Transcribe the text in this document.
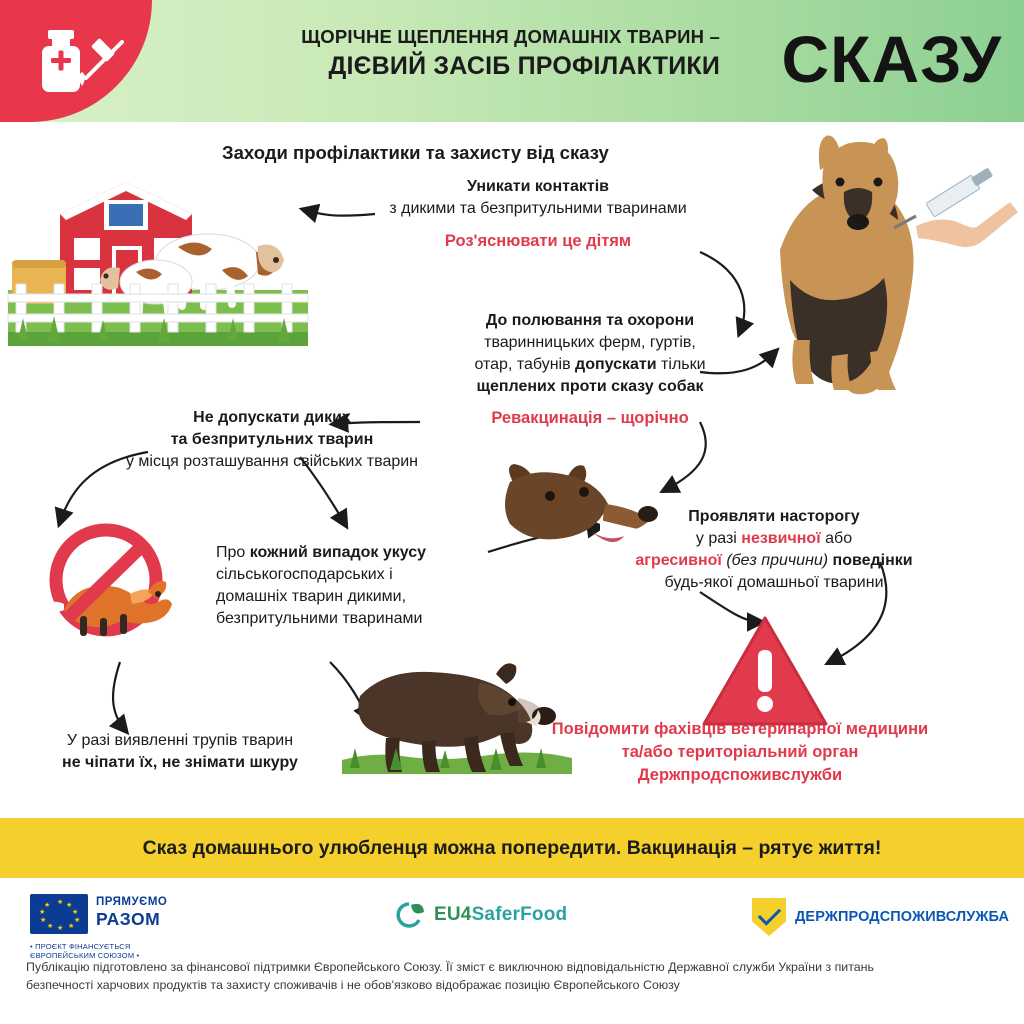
ЩОРІЧНЕ ЩЕПЛЕННЯ ДОМАШНІХ ТВАРИН –
ДІЄВИЙ ЗАСІБ ПРОФІЛАКТИКИ СКАЗУ
Заходи профілактики та захисту від сказу
Уникати контактів
з дикими та безпритульними тваринами
Роз'яснювати це дітям
До полювання та охорони
тваринницьких ферм, гуртів,
отар, табунів допускати тільки
щеплених проти сказу собак
Ревакцинація – щорічно
Не допускати диких
та безпритульних тварин
у місця розташування свійських тварин
Про кожний випадок укусу
сільськогосподарських і
домашніх тварин дикими,
безпритульними тваринами
Проявляти насторогу
у разі незвичної або
агресивної (без причини) поведінки
будь-якої домашньої тварини
У разі виявленні трупів тварин
не чіпати їх, не знімати шкуру
Повідомити фахівців ветеринарної медицини
та/або територіальний орган
Держпродспоживслужби
Сказ домашнього улюбленця можна попередити. Вакцинація – рятує життя!
★ ★
★
★
★
★
★
★
★
★	ПРЯМУЄМО
РАЗОМ
• ПРОЄКТ ФІНАНСУЄТЬСЯ ЄВРОПЕЙСЬКИМ СОЮЗОМ •
EU4SaferFood	ДЕРЖПРОДСПОЖИВСЛУЖБА
Публікацію підготовлено за фінансової підтримки Європейського Союзу. Її зміст є виключною відповідальністю Державної служби України з питань
безпечності харчових продуктів та захисту споживачів і не обов'язково відображає позицію Європейського Союзу
